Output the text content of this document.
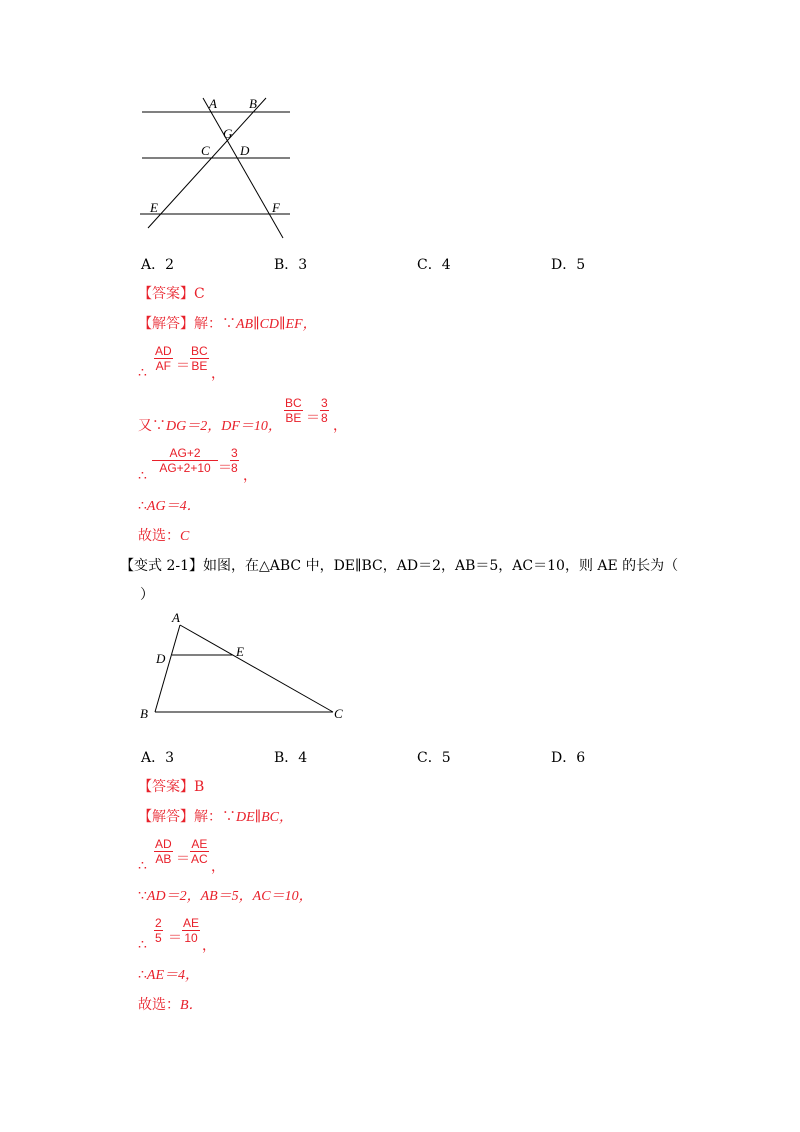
A B
G
C D
E	F
A．2	B．3	C．4	D．5
【答案】C
【解答】解：∵AB∥CD∥EF，
∴ $\frac{AD}{AF} = \frac{BC}{BE}$
，
又∵DG＝2，DF＝10，
$\frac{BC}{BE} = \frac{3}{8}$
，
∴
$\frac{AG+2}{AG+2+10}$ ＝
$\frac{3}{8}$
，
∴AG＝4．
故选：C
【变式 2-1】如图，在△ABC 中，DE∥BC，AD＝2，AB＝5，AC＝10，则 AE 的长为（
）
A
D	E
B	C
A．3	B．4	C．5	D．6
【答案】B
【解答】解：∵DE∥BC，
∴ $\frac{AD}{AB} = \frac{AE}{AC}$
，
∵AD＝2，AB＝5，AC＝10，
∴ $\frac{2}{5} = \frac{AE}{10}$
，
∴AE＝4，
故选：B．
